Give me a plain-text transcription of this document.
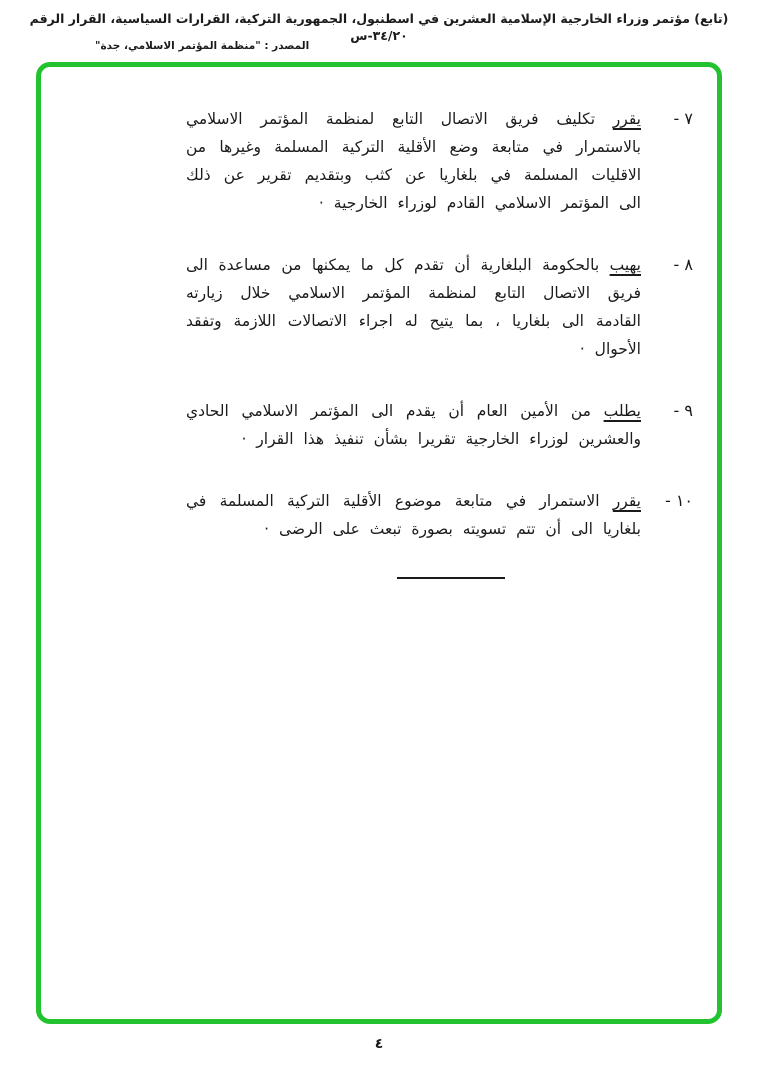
(تابع) مؤتمر وزراء الخارجية الإسلامية العشرين في اسطنبول، الجمهورية التركية، القرارات السياسية، القرار الرقم ٣٤/٢٠-س
المصدر : "منظمة المؤتمر الاسلامي، جدة"
٧ -
يقرر تكليف فريق الاتصال التابع لمنظمة المؤتمر الاسلامي بالاستمرار في متابعة وضع الأقلية التركية المسلمة وغيرها من الاقليات المسلمة في بلغاريا عن كثب وبتقديم تقرير عن ذلك الى المؤتمر الاسلامي القادم لوزراء الخارجية ·
٨ -
يهيب بالحكومة البلغارية أن تقدم كل ما يمكنها من مساعدة الى فريق الاتصال التابع لمنظمة المؤتمر الاسلامي خلال زيارته القادمة الى بلغاريا ، بما يتيح له اجراء الاتصالات اللازمة وتفقد الأحوال ·
٩ -
يطلب من الأمين العام أن يقدم الى المؤتمر الاسلامي الحادي والعشرين لوزراء الخارجية تقريرا بشأن تنفيذ هذا القرار ·
١٠ -
يقرر الاستمرار في متابعة موضوع الأقلية التركية المسلمة في بلغاريا الى أن تتم تسويته بصورة تبعث على الرضى ·
٤
